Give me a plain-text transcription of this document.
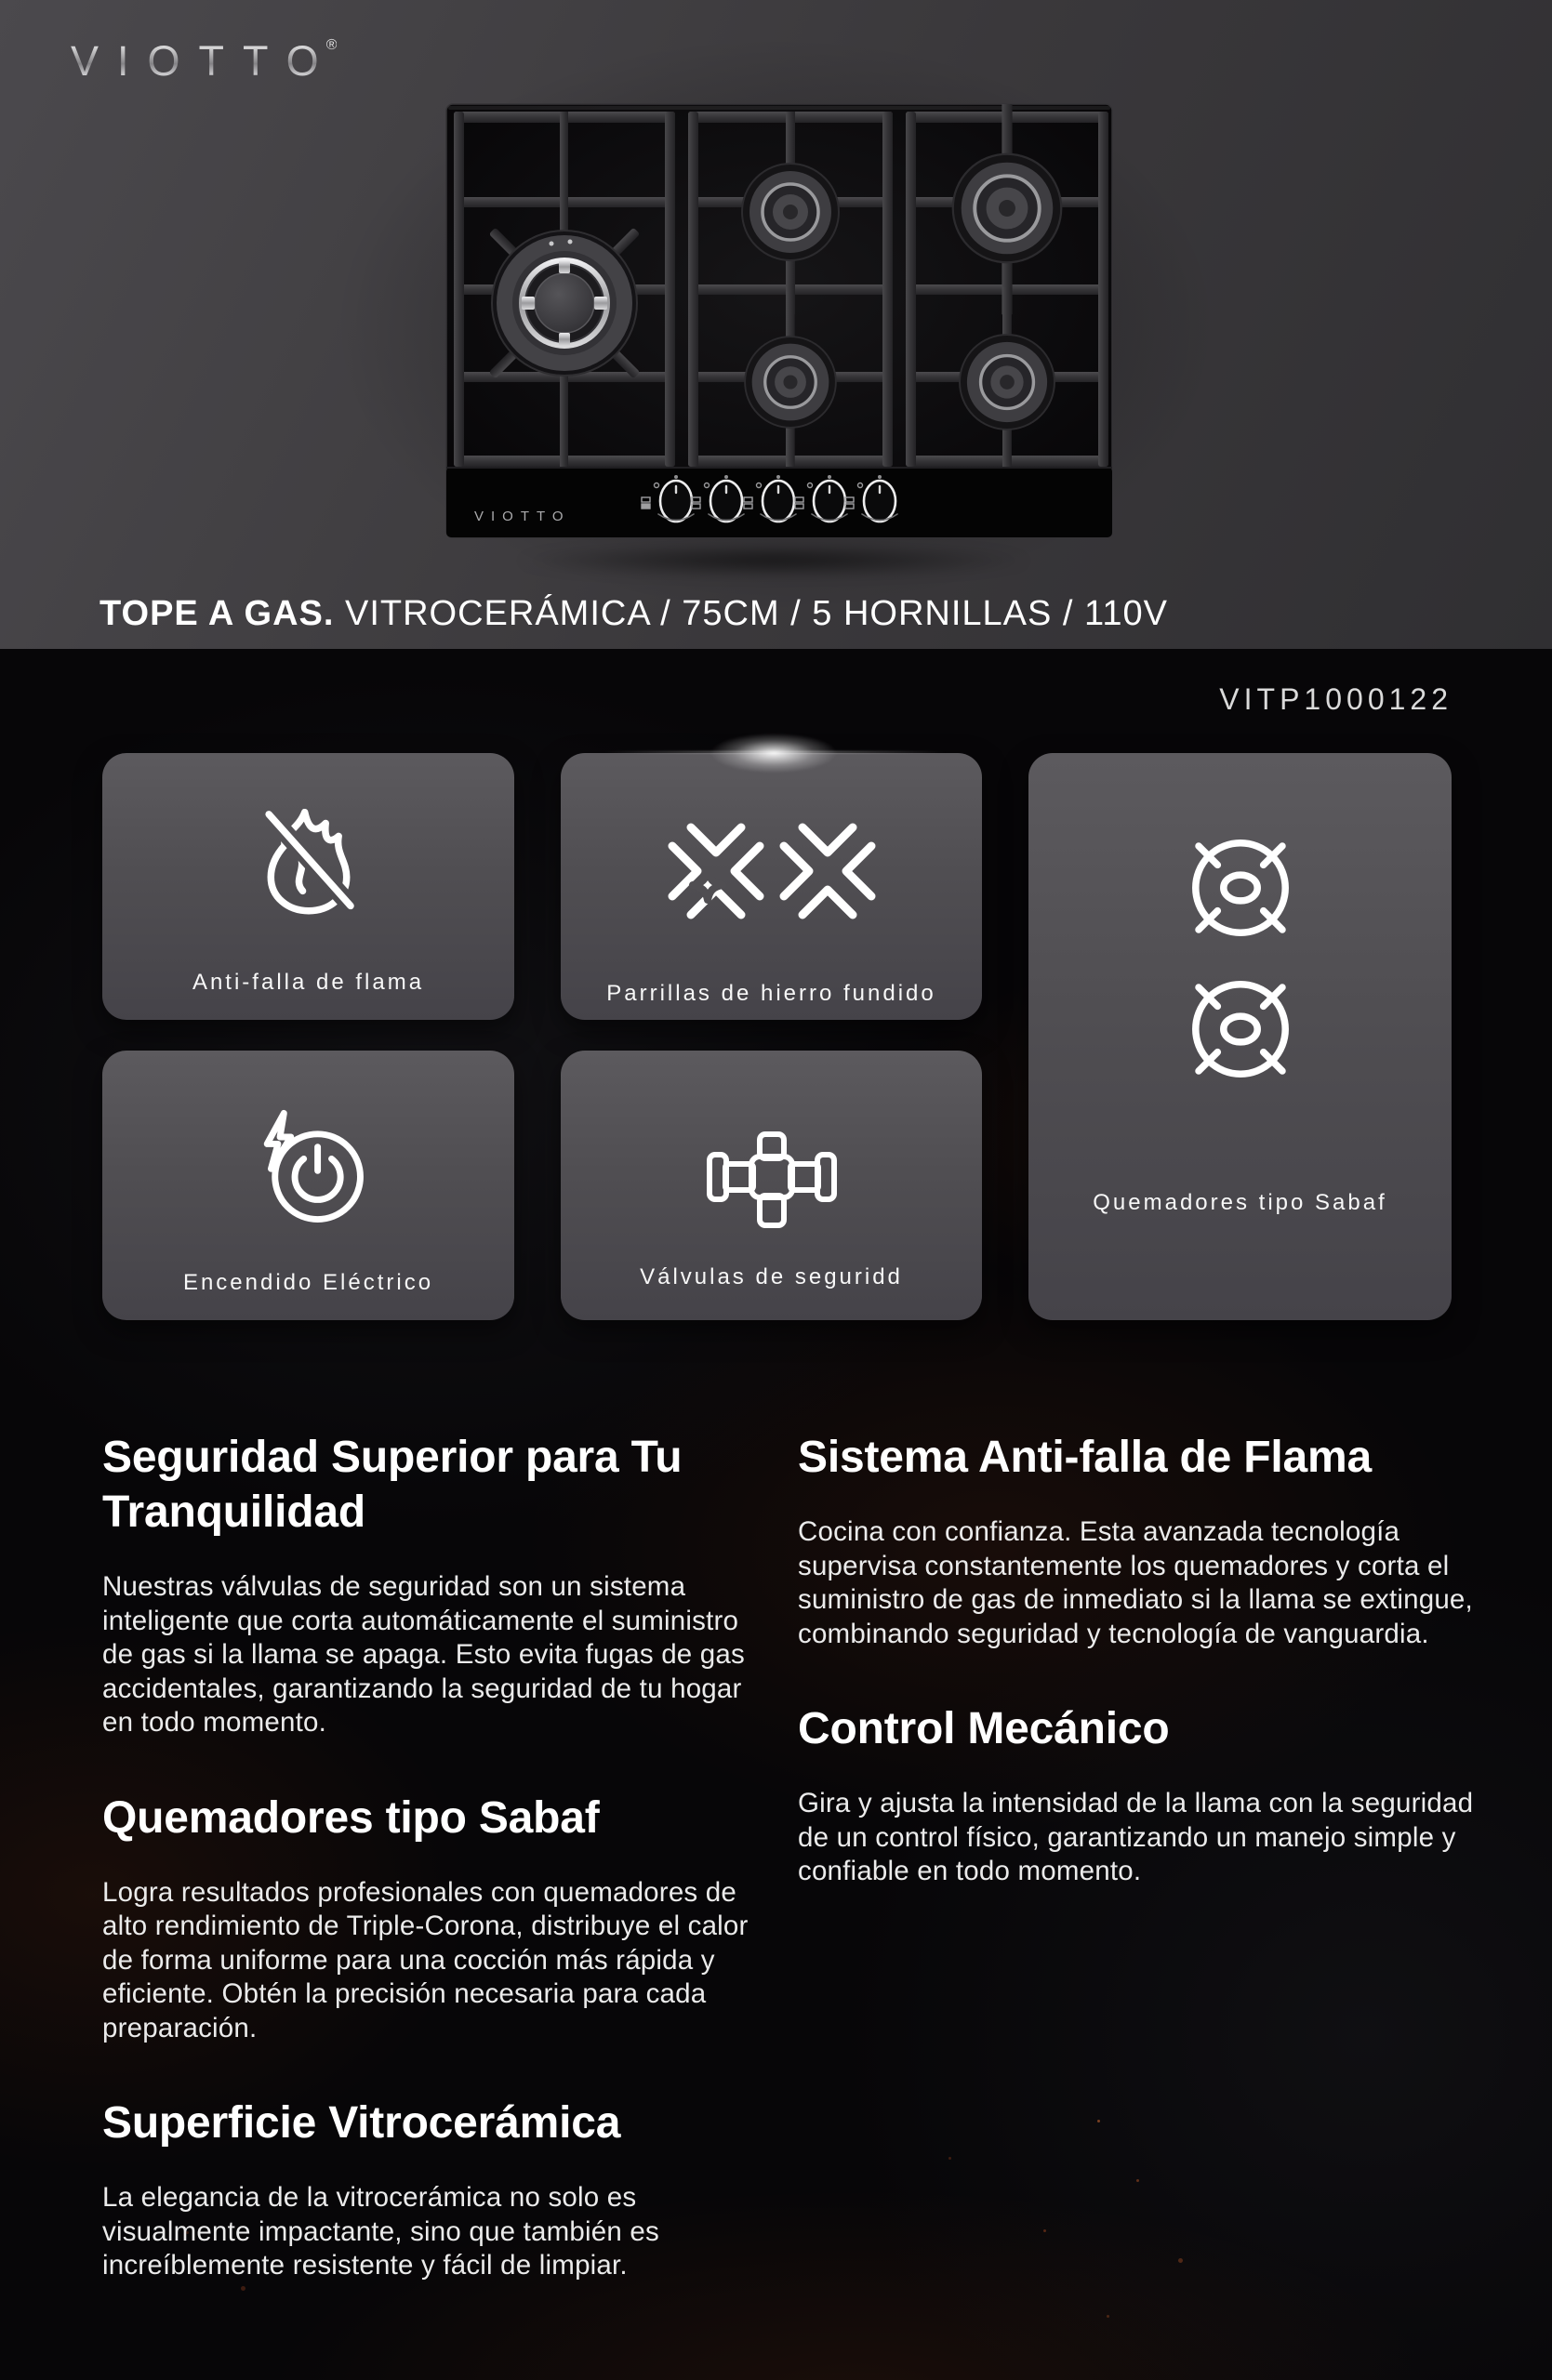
VIOTTO®
VIOTTO
TOPE A GAS. VITROCERÁMICA / 75CM / 5 HORNILLAS / 110V
VITP1000122
Anti-falla de flama	Parrillas de hierro fundido
Quemadores tipo Sabaf
Encendido Eléctrico	Válvulas de seguridd
Seguridad Superior para Tu Tranquilidad

Nuestras válvulas de seguridad son un sistema inteligente que corta automáticamente el suministro de gas si la llama se apaga. Esto evita fugas de gas accidentales, garantizando la seguridad de tu hogar en todo momento.

Quemadores tipo Sabaf

Logra resultados profesionales con quemadores de alto rendimiento de Triple-Corona, distribuye el calor de forma uniforme para una cocción más rápida y eficiente. Obtén la precisión necesaria para cada preparación.

Superficie Vitrocerámica

La elegancia de la vitrocerámica no solo es visualmente impactante, sino que también es increíblemente resistente y fácil de limpiar.

Sistema Anti-falla de Flama

Cocina con confianza. Esta avanzada tecnología supervisa constantemente los quemadores y corta el suministro de gas de inmediato si la llama se extingue, combinando seguridad y tecnología de vanguardia.

Control Mecánico

Gira y ajusta la intensidad de la llama con la seguridad de un control físico, garantizando un manejo simple y confiable en todo momento.
